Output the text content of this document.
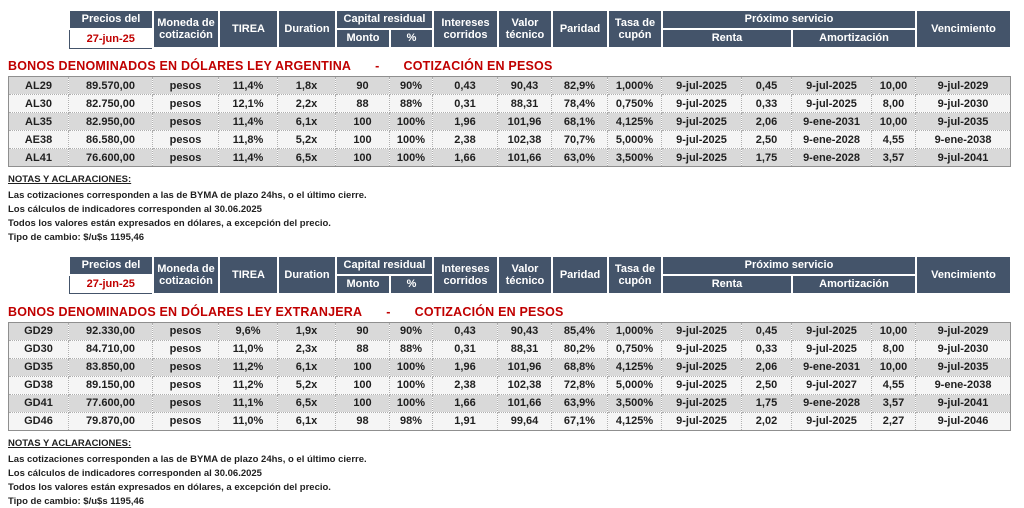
Precios del	Moneda de cotización	TIREA	Duration	Capital residual		Intereses corridos	Valor técnico	Paridad	Tasa de cupón	Próximo servicio		Vencimiento
27-jun-25				Monto	%					Renta	Amortización	
BONOS DENOMINADOS EN DÓLARES LEY ARGENTINA - COTIZACIÓN EN PESOS
AL29	89.570,00	pesos	11,4%	1,8x	90	90%	0,43	90,43	82,9%	1,000%	9-jul-2025	0,45	9-jul-2025	10,00	9-jul-2029
AL30	82.750,00	pesos	12,1%	2,2x	88	88%	0,31	88,31	78,4%	0,750%	9-jul-2025	0,33	9-jul-2025	8,00	9-jul-2030
AL35	82.950,00	pesos	11,4%	6,1x	100	100%	1,96	101,96	68,1%	4,125%	9-jul-2025	2,06	9-ene-2031	10,00	9-jul-2035
AE38	86.580,00	pesos	11,8%	5,2x	100	100%	2,38	102,38	70,7%	5,000%	9-jul-2025	2,50	9-ene-2028	4,55	9-ene-2038
AL41	76.600,00	pesos	11,4%	6,5x	100	100%	1,66	101,66	63,0%	3,500%	9-jul-2025	1,75	9-ene-2028	3,57	9-jul-2041

NOTAS Y ACLARACIONES:

Las cotizaciones corresponden a las de BYMA de plazo 24hs, o el último cierre.

Los cálculos de indicadores corresponden al 30.06.2025

Todos los valores están expresados en dólares, a excepción del precio.

Tipo de cambio: $/u$s 1195,46

Precios del	Moneda de cotización	TIREA	Duration	Capital residual		Intereses corridos	Valor técnico	Paridad	Tasa de cupón	Próximo servicio		Vencimiento
27-jun-25				Monto	%					Renta	Amortización	
BONOS DENOMINADOS EN DÓLARES LEY EXTRANJERA - COTIZACIÓN EN PESOS
GD29	92.330,00	pesos	9,6%	1,9x	90	90%	0,43	90,43	85,4%	1,000%	9-jul-2025	0,45	9-jul-2025	10,00	9-jul-2029
GD30	84.710,00	pesos	11,0%	2,3x	88	88%	0,31	88,31	80,2%	0,750%	9-jul-2025	0,33	9-jul-2025	8,00	9-jul-2030
GD35	83.850,00	pesos	11,2%	6,1x	100	100%	1,96	101,96	68,8%	4,125%	9-jul-2025	2,06	9-ene-2031	10,00	9-jul-2035
GD38	89.150,00	pesos	11,2%	5,2x	100	100%	2,38	102,38	72,8%	5,000%	9-jul-2025	2,50	9-jul-2027	4,55	9-ene-2038
GD41	77.600,00	pesos	11,1%	6,5x	100	100%	1,66	101,66	63,9%	3,500%	9-jul-2025	1,75	9-ene-2028	3,57	9-jul-2041
GD46	79.870,00	pesos	11,0%	6,1x	98	98%	1,91	99,64	67,1%	4,125%	9-jul-2025	2,02	9-jul-2025	2,27	9-jul-2046

NOTAS Y ACLARACIONES:

Las cotizaciones corresponden a las de BYMA de plazo 24hs, o el último cierre.

Los cálculos de indicadores corresponden al 30.06.2025

Todos los valores están expresados en dólares, a excepción del precio.

Tipo de cambio: $/u$s 1195,46
